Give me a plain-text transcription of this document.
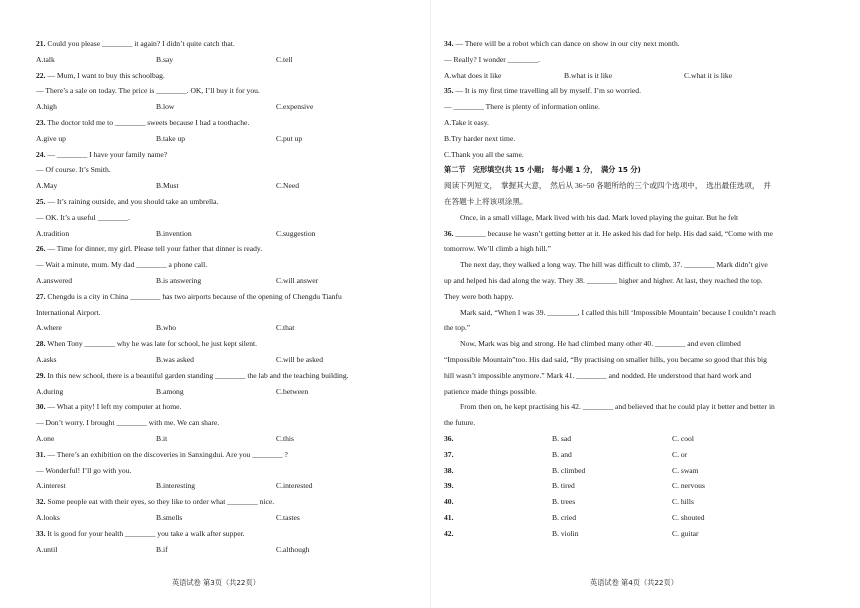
21. Could you please ________ it again? I didn’t quite catch that.
A.talk	B.say	C.tell
22. — Mum, I want to buy this schoolbag.
— There’s a sale on today. The price is ________. OK, I’ll buy it for you.
A.high	B.low	C.expensive
23. The doctor told me to ________ sweets because I had a toothache.
A.give up	B.take up	C.put up
24. — ________ I have your family name?
— Of course. It’s Smith.
A.May	B.Must	C.Need
25. — It’s raining outside, and you should take an umbrella.
— OK. It’s a useful ________.
A.tradition	B.invention	C.suggestion
26. — Time for dinner, my girl. Please tell your father that dinner is ready.
— Wait a minute, mum. My dad ________ a phone call.
A.answered	B.is answering	C.will answer
27. Chengdu is a city in China ________ has two airports because of the opening of Chengdu Tianfu
International Airport.
A.where	B.who	C.that
28. When Tony ________ why he was late for school, he just kept silent.
A.asks	B.was asked	C.will be asked
29. In this new school, there is a beautiful garden standing ________ the lab and the teaching building.
A.during	B.among	C.between
30. — What a pity! I left my computer at home.
— Don’t worry. I brought ________ with me. We can share.
A.one	B.it	C.this
31. — There’s an exhibition on the discoveries in Sanxingdui. Are you ________ ?
— Wonderful! I’ll go with you.
A.interest	B.interesting	C.interested
32. Some people eat with their eyes, so they like to order what ________ nice.
A.looks	B.smells	C.tastes
33. It is good for your health ________ you take a walk after supper.
A.until	B.if	C.although
34. — There will be a robot which can dance on show in our city next month.
— Really? I wonder ________.
A.what does it like	B.what is it like	C.what it is like
35. — It is my first time travelling all by myself. I’m so worried.
— ________ There is plenty of information online.
A.Take it easy.
B.Try harder next time.
C.Thank you all the same.
第二节　完形填空(共 15 小题;　每小题 1 分，　满分 15 分)
阅读下列短文，　掌握其大意，　然后从 36~50 各题所给的三个或四个选项中，　选出最佳选项，　并
在答题卡上将该项涂黑。
Once, in a small village, Mark lived with his dad. Mark loved playing the guitar. But he felt
36. ________ because he wasn’t getting better at it. He asked his dad for help. His dad said, “Come with me
tomorrow. We’ll climb a high hill.”
The next day, they walked a long way. The hill was difficult to climb, 37. ________ Mark didn’t give
up and helped his dad along the way. They 38. ________ higher and higher. At last, they reached the top.
They were both happy.
Mark said, “When I was 39. ________, I called this hill ‘Impossible Mountain’ because I couldn’t reach
the top.”
Now, Mark was big and strong. He had climbed many other 40. ________ and even climbed
“Impossible Mountain”too. His dad said, “By practising on smaller hills, you became so good that this big
hill wasn’t impossible anymore.” Mark 41. ________ and nodded. He understood that hard work and
patience made things possible.
From then on, he kept practising his 42. ________ and believed that he could play it better and better in
the future.
36.	B. sad	C. cool
37.	B. and	C. or
38.	B. climbed	C. swam
39.	B. tired	C. nervous
40.	B. trees	C. hills
41.	B. cried	C. shouted
42.	B. violin	C. guitar
英语试卷 第3页（共22页）	英语试卷 第4页（共22页）
